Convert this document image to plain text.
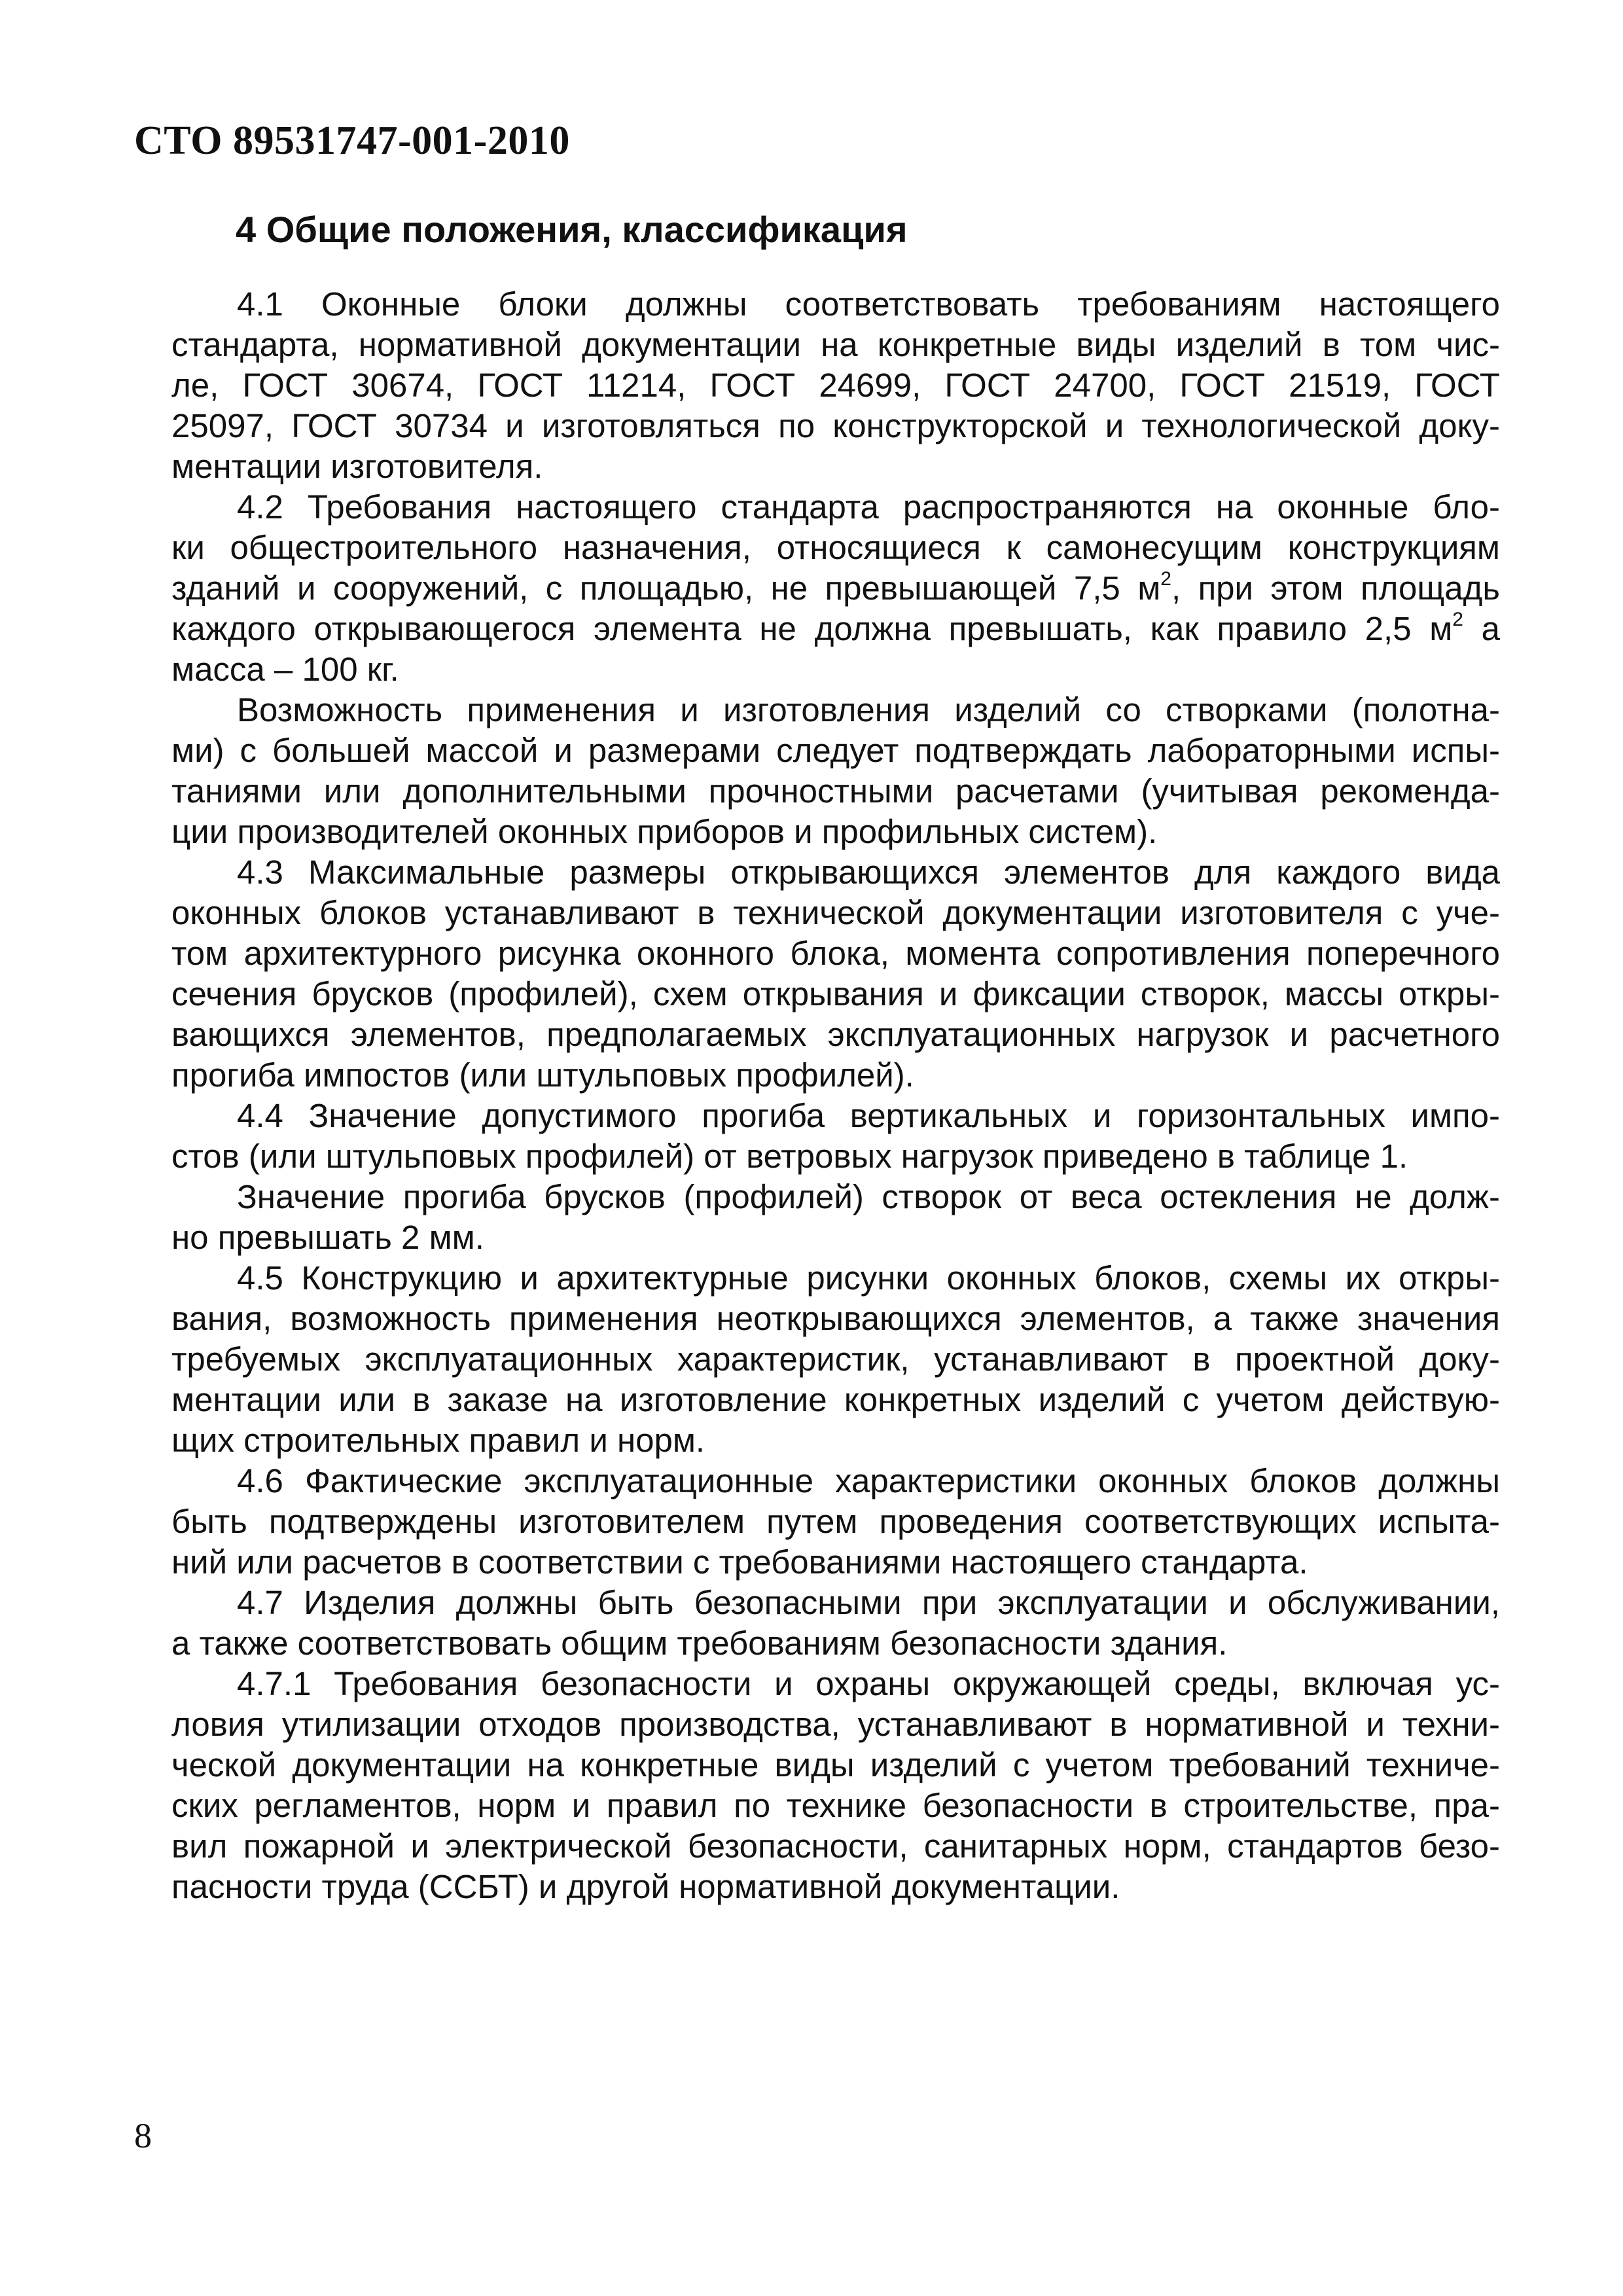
СТО 89531747-001-2010
4 Общие положения, классификация
4.1 Оконные блоки должны соответствовать требованиям настоящего
стандарта, нормативной документации на конкретные виды изделий в том чис-
ле, ГОСТ 30674, ГОСТ 11214, ГОСТ 24699, ГОСТ 24700, ГОСТ 21519, ГОСТ
25097, ГОСТ 30734 и изготовляться по конструкторской и технологической доку-
ментации изготовителя.
4.2 Требования настоящего стандарта распространяются на оконные бло-
ки общестроительного назначения, относящиеся к самонесущим конструкциям
зданий и сооружений, с площадью, не превышающей 7,5 $м^2$, при этом площадь
каждого открывающегося элемента не должна превышать, как правило 2,5 $м^2$ а
масса – 100 кг.
Возможность применения и изготовления изделий со створками (полотна-
ми) с большей массой и размерами следует подтверждать лабораторными испы-
таниями или дополнительными прочностными расчетами (учитывая рекоменда-
ции производителей оконных приборов и профильных систем).
4.3 Максимальные размеры открывающихся элементов для каждого вида
оконных блоков устанавливают в технической документации изготовителя с уче-
том архитектурного рисунка оконного блока, момента сопротивления поперечного
сечения брусков (профилей), схем открывания и фиксации створок, массы откры-
вающихся элементов, предполагаемых эксплуатационных нагрузок и расчетного
прогиба импостов (или штульповых профилей).
4.4 Значение допустимого прогиба вертикальных и горизонтальных импо-
стов (или штульповых профилей) от ветровых нагрузок приведено в таблице 1.
Значение прогиба брусков (профилей) створок от веса остекления не долж-
но превышать 2 мм.
4.5 Конструкцию и архитектурные рисунки оконных блоков, схемы их откры-
вания, возможность применения неоткрывающихся элементов, а также значения
требуемых эксплуатационных характеристик, устанавливают в проектной доку-
ментации или в заказе на изготовление конкретных изделий с учетом действую-
щих строительных правил и норм.
4.6 Фактические эксплуатационные характеристики оконных блоков должны
быть подтверждены изготовителем путем проведения соответствующих испыта-
ний или расчетов в соответствии с требованиями настоящего стандарта.
4.7 Изделия должны быть безопасными при эксплуатации и обслуживании,
а также соответствовать общим требованиям безопасности здания.
4.7.1 Требования безопасности и охраны окружающей среды, включая ус-
ловия утилизации отходов производства, устанавливают в нормативной и техни-
ческой документации на конкретные виды изделий с учетом требований техниче-
ских регламентов, норм и правил по технике безопасности в строительстве, пра-
вил пожарной и электрической безопасности, санитарных норм, стандартов безо-
пасности труда (ССБТ) и другой нормативной документации.
8
